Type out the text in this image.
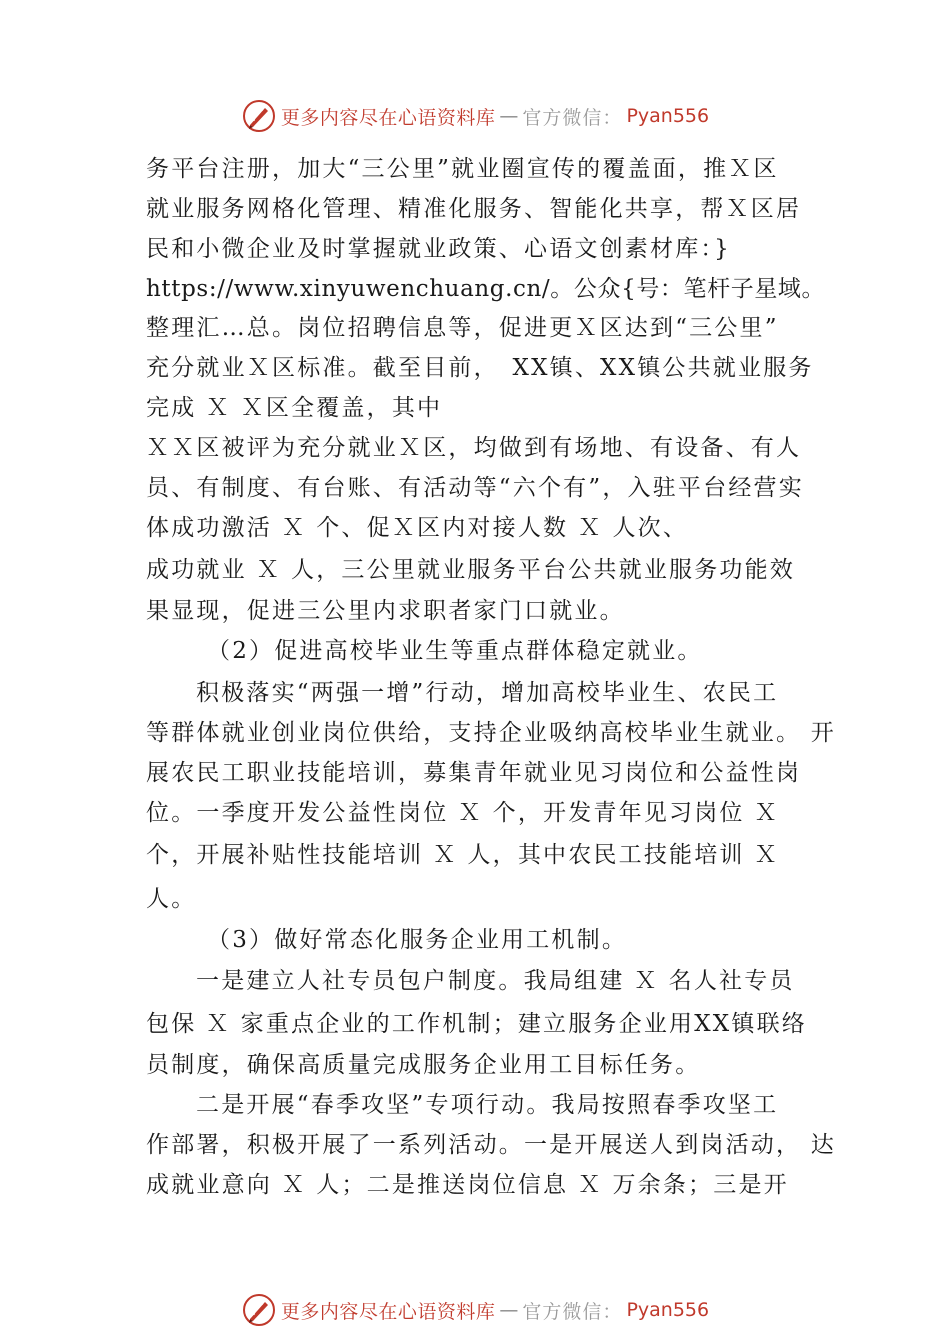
更多内容尽在心语资料库 — 官方微信： Pyan556
务平台注册，加大“三公里”就业圈宣传的覆盖面，推Ｘ区
就业服务网格化管理、精准化服务、智能化共享，帮Ｘ区居
民和小微企业及时掌握就业政策、心语文创素材库：}
https://www.xinyuwenchuang.cn/。公众{号：笔杆子星域。
整理汇…总。岗位招聘信息等，促进更Ｘ区达到“三公里”
充分就业Ｘ区标准。截至目前，　XX镇、XX镇公共就业服务
完成 Ｘ Ｘ区全覆盖，其中
ＸＸ区被评为充分就业Ｘ区，均做到有场地、有设备、有人
员、有制度、有台账、有活动等“六个有”，入驻平台经营实
体成功激活 Ｘ 个、促Ｘ区内对接人数 Ｘ 人次、
成功就业 Ｘ 人，三公里就业服务平台公共就业服务功能效
果显现，促进三公里内求职者家门口就业。
（2）促进高校毕业生等重点群体稳定就业。
积极落实“两强一增”行动，增加高校毕业生、农民工
等群体就业创业岗位供给，支持企业吸纳高校毕业生就业。 开
展农民工职业技能培训，募集青年就业见习岗位和公益性岗
位。一季度开发公益性岗位 Ｘ 个，开发青年见习岗位 Ｘ
个，开展补贴性技能培训 Ｘ 人，其中农民工技能培训 Ｘ
人。
（3）做好常态化服务企业用工机制。
一是建立人社专员包户制度。我局组建 Ｘ 名人社专员
包保 Ｘ 家重点企业的工作机制；建立服务企业用XX镇联络
员制度，确保高质量完成服务企业用工目标任务。
二是开展“春季攻坚”专项行动。我局按照春季攻坚工
作部署，积极开展了一系列活动。一是开展送人到岗活动， 达
成就业意向 Ｘ 人；二是推送岗位信息 Ｘ 万余条；三是开
更多内容尽在心语资料库 — 官方微信： Pyan556
